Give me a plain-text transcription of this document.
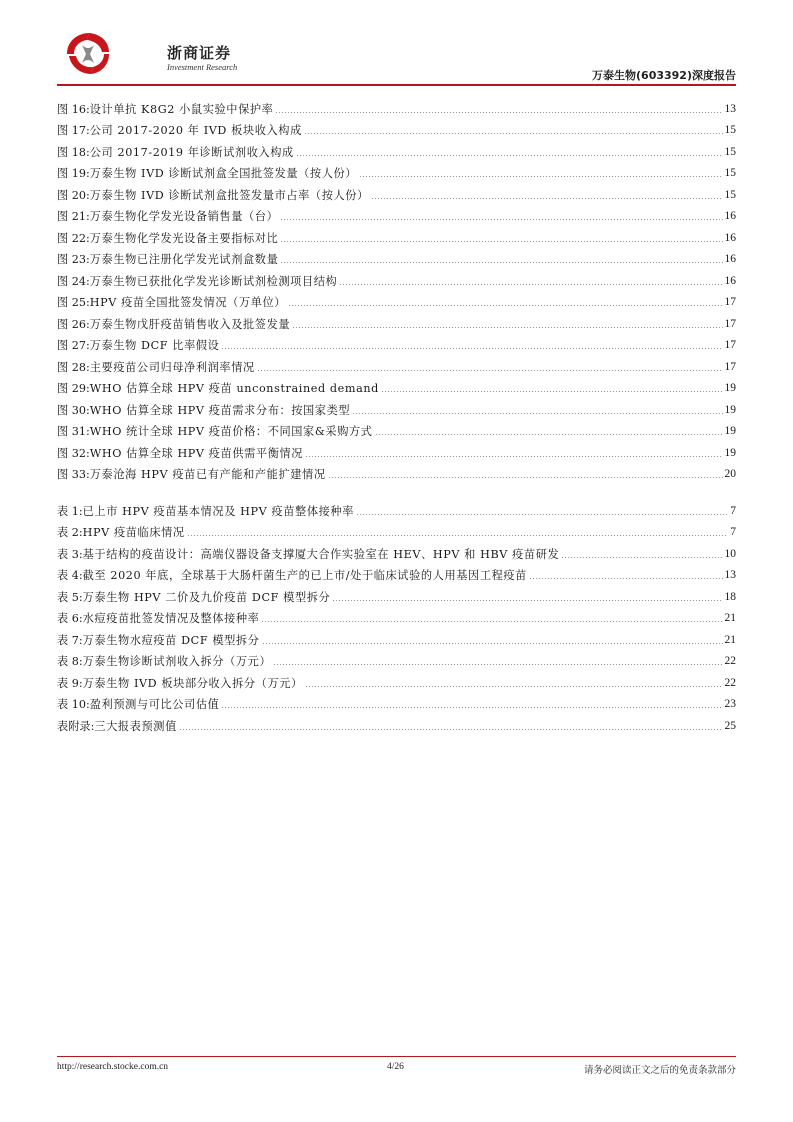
浙商证券
Investment Research
万泰生物(603392)深度报告
图 16: 设计单抗 K8G2 小鼠实验中保护率	13
图 17: 公司 2017-2020 年 IVD 板块收入构成	15
图 18: 公司 2017-2019 年诊断试剂收入构成	15
图 19: 万泰生物 IVD 诊断试剂盒全国批签发量（按人份）	15
图 20: 万泰生物 IVD 诊断试剂盒批签发量市占率（按人份）	15
图 21: 万泰生物化学发光设备销售量（台）	16
图 22: 万泰生物化学发光设备主要指标对比	16
图 23: 万泰生物已注册化学发光试剂盒数量	16
图 24: 万泰生物已获批化学发光诊断试剂检测项目结构	16
图 25: HPV 疫苗全国批签发情况（万单位）	17
图 26: 万泰生物戊肝疫苗销售收入及批签发量	17
图 27: 万泰生物 DCF 比率假设	17
图 28: 主要疫苗公司归母净利润率情况	17
图 29: WHO 估算全球 HPV 疫苗 unconstrained demand	19
图 30: WHO 估算全球 HPV 疫苗需求分布：按国家类型	19
图 31: WHO 统计全球 HPV 疫苗价格：不同国家&采购方式	19
图 32: WHO 估算全球 HPV 疫苗供需平衡情况	19
图 33: 万泰沧海 HPV 疫苗已有产能和产能扩建情况	20
表 1: 已上市 HPV 疫苗基本情况及 HPV 疫苗整体接种率	7
表 2: HPV 疫苗临床情况	7
表 3: 基于结构的疫苗设计：高端仪器设备支撑厦大合作实验室在 HEV、HPV 和 HBV 疫苗研发	10
表 4: 截至 2020 年底，全球基于大肠杆菌生产的已上市/处于临床试验的人用基因工程疫苗	13
表 5: 万泰生物 HPV 二价及九价疫苗 DCF 模型拆分	18
表 6: 水痘疫苗批签发情况及整体接种率	21
表 7: 万泰生物水痘疫苗 DCF 模型拆分	21
表 8: 万泰生物诊断试剂收入拆分（万元）	22
表 9: 万泰生物 IVD 板块部分收入拆分（万元）	22
表 10: 盈利预测与可比公司估值	23
表附录: 三大报表预测值	25
http://research.stocke.com.cn	4/26	请务必阅读正文之后的免责条款部分
